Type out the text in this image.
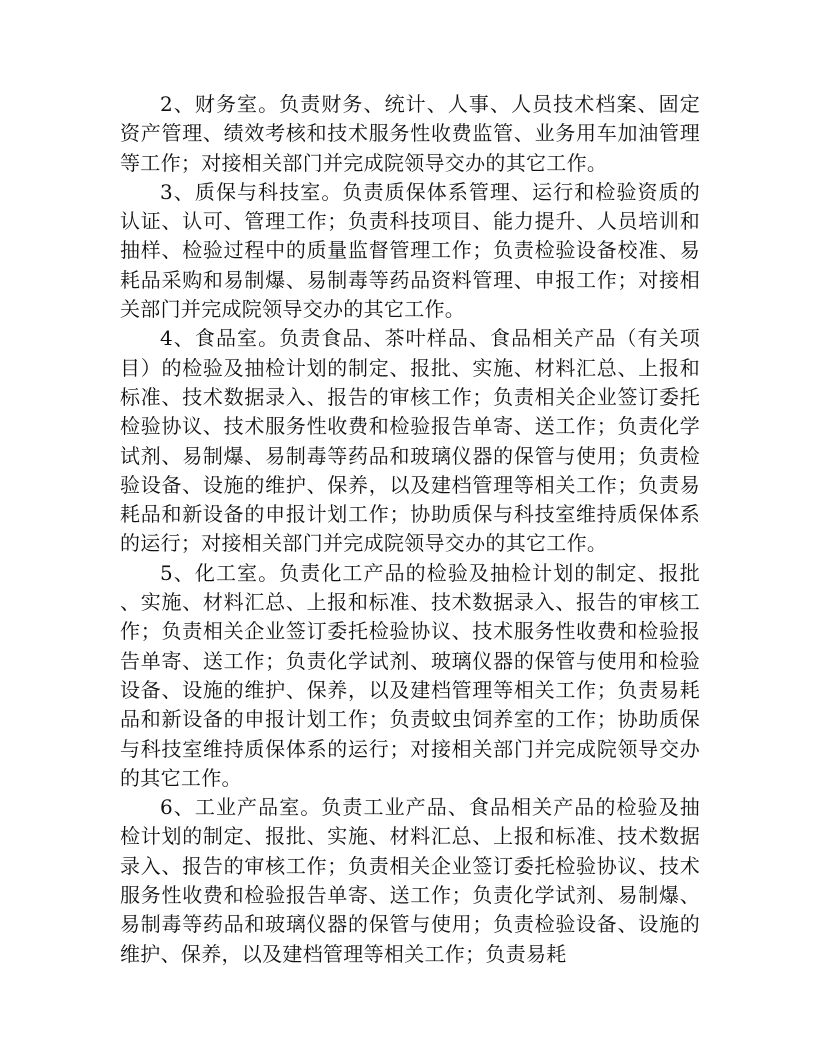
2、财务室。负责财务、统计、人事、人员技术档案、固定资产管理、绩效考核和技术服务性收费监管、业务用车加油管理等工作；对接相关部门并完成院领导交办的其它工作。

3、质保与科技室。负责质保体系管理、运行和检验资质的认证、认可、管理工作；负责科技项目、能力提升、人员培训和抽样、检验过程中的质量监督管理工作；负责检验设备校准、易耗品采购和易制爆、易制毒等药品资料管理、申报工作；对接相关部门并完成院领导交办的其它工作。

4、食品室。负责食品、茶叶样品、食品相关产品（有关项目）的检验及抽检计划的制定、报批、实施、材料汇总、上报和标准、技术数据录入、报告的审核工作；负责相关企业签订委托检验协议、技术服务性收费和检验报告单寄、送工作；负责化学试剂、易制爆、易制毒等药品和玻璃仪器的保管与使用；负责检验设备、设施的维护、保养，以及建档管理等相关工作；负责易耗品和新设备的申报计划工作；协助质保与科技室维持质保体系的运行；对接相关部门并完成院领导交办的其它工作。

5、化工室。负责化工产品的检验及抽检计划的制定、报批、实施、材料汇总、上报和标准、技术数据录入、报告的审核工作；负责相关企业签订委托检验协议、技术服务性收费和检验报告单寄、送工作；负责化学试剂、玻璃仪器的保管与使用和检验设备、设施的维护、保养，以及建档管理等相关工作；负责易耗品和新设备的申报计划工作；负责蚊虫饲养室的工作；协助质保与科技室维持质保体系的运行；对接相关部门并完成院领导交办的其它工作。

6、工业产品室。负责工业产品、食品相关产品的检验及抽检计划的制定、报批、实施、材料汇总、上报和标准、技术数据录入、报告的审核工作；负责相关企业签订委托检验协议、技术服务性收费和检验报告单寄、送工作；负责化学试剂、易制爆、易制毒等药品和玻璃仪器的保管与使用；负责检验设备、设施的维护、保养，以及建档管理等相关工作；负责易耗
